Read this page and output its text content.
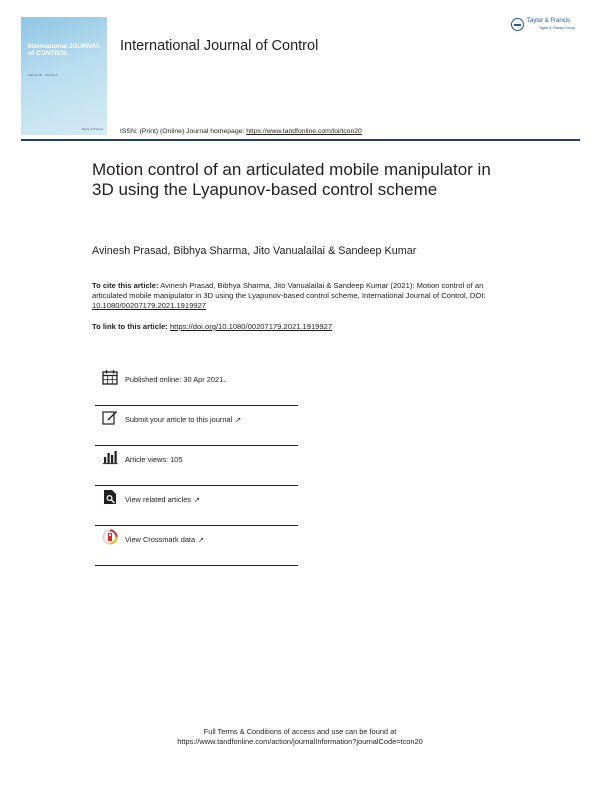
International JOURNAL of CONTROL
Volume 94 · Number 5
Taylor & Francis
International Journal of Control
Taylor & Francis
Taylor & Francis Group
ISSN: (Print) (Online) Journal homepage: https://www.tandfonline.com/loi/tcon20
Motion control of an articulated mobile manipulator in 3D using the Lyapunov-based control scheme
Avinesh Prasad, Bibhya Sharma, Jito Vanualailai & Sandeep Kumar
To cite this article: Avinesh Prasad, Bibhya Sharma, Jito Vanualailai & Sandeep Kumar (2021): Motion control of an articulated mobile manipulator in 3D using the Lyapunov-based control scheme, International Journal of Control, DOI: 10.1080/00207179.2021.1919927
To link to this article: https://doi.org/10.1080/00207179.2021.1919927
Published online: 30 Apr 2021.
Submit your article to this journal ↗
Article views: 105
View related articles ↗
View Crossmark data ↗
Full Terms & Conditions of access and use can be found at
https://www.tandfonline.com/action/journalInformation?journalCode=tcon20
